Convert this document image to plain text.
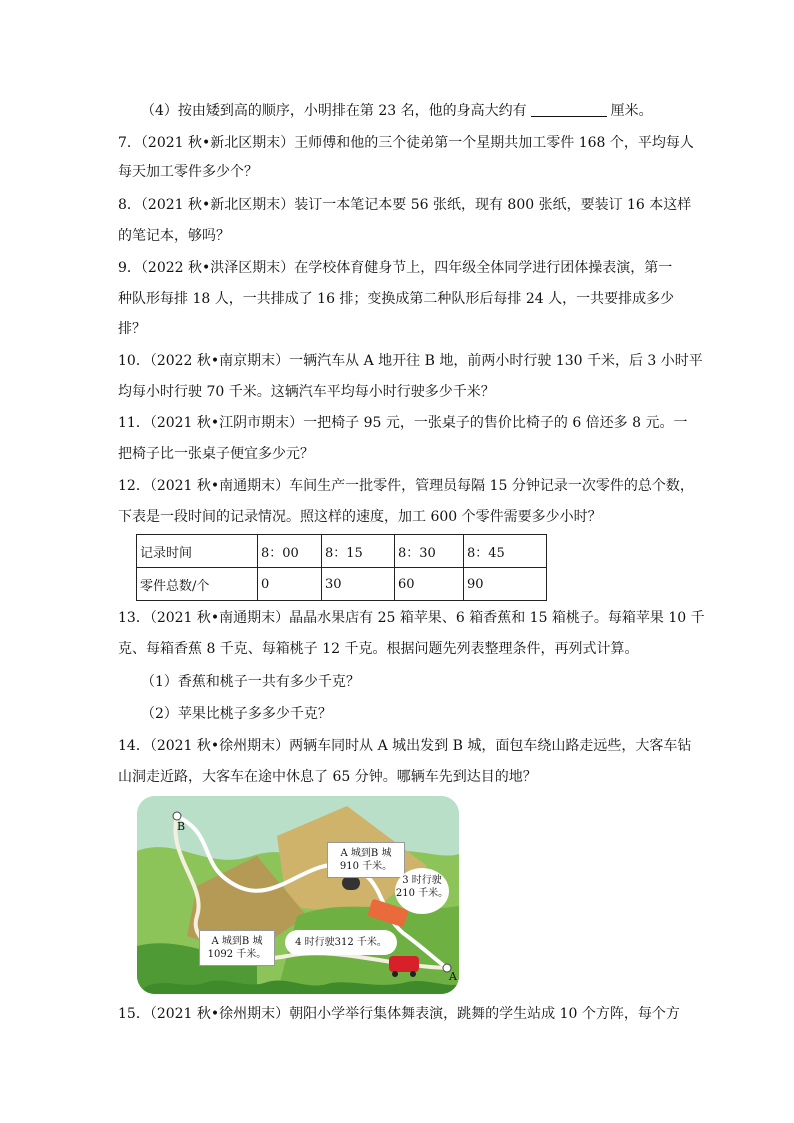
（4）按由矮到高的顺序，小明排在第 23 名，他的身高大约有	厘米。
7．（2021 秋•新北区期末）王师傅和他的三个徒弟第一个星期共加工零件 168 个，平均每人
每天加工零件多少个？
8．（2021 秋•新北区期末）装订一本笔记本要 56 张纸，现有 800 张纸，要装订 16 本这样
的笔记本，够吗？
9．（2022 秋•洪泽区期末）在学校体育健身节上，四年级全体同学进行团体操表演，第一
种队形每排 18 人，一共排成了 16 排；变换成第二种队形后每排 24 人，一共要排成多少
排？
10．（2022 秋•南京期末）一辆汽车从 A 地开往 B 地，前两小时行驶 130 千米，后 3 小时平
均每小时行驶 70 千米。这辆汽车平均每小时行驶多少千米？
11．（2021 秋•江阴市期末）一把椅子 95 元，一张桌子的售价比椅子的 6 倍还多 8 元。一
把椅子比一张桌子便宜多少元？
12．（2021 秋•南通期末）车间生产一批零件，管理员每隔 15 分钟记录一次零件的总个数，
下表是一段时间的记录情况。照这样的速度，加工 600 个零件需要多少小时？
记录时间	8：00	8：15	8：30	8：45
零件总数/个	0	30	60	90
13．（2021 秋•南通期末）晶晶水果店有 25 箱苹果、6 箱香蕉和 15 箱桃子。每箱苹果 10 千
克、每箱香蕉 8 千克、每箱桃子 12 千克。根据问题先列表整理条件，再列式计算。
（1）香蕉和桃子一共有多少千克？
（2）苹果比桃子多多少千克？
14．（2021 秋•徐州期末）两辆车同时从 A 城出发到 B 城，面包车绕山路走远些，大客车钻
山洞走近路，大客车在途中休息了 65 分钟。哪辆车先到达目的地？
B
A
A 城到B 城
910 千米。
3 时行驶
210 千米。
A 城到B 城
1092 千米。
4 时行驶312 千米。
15．（2021 秋•徐州期末）朝阳小学举行集体舞表演，跳舞的学生站成 10 个方阵，每个方
